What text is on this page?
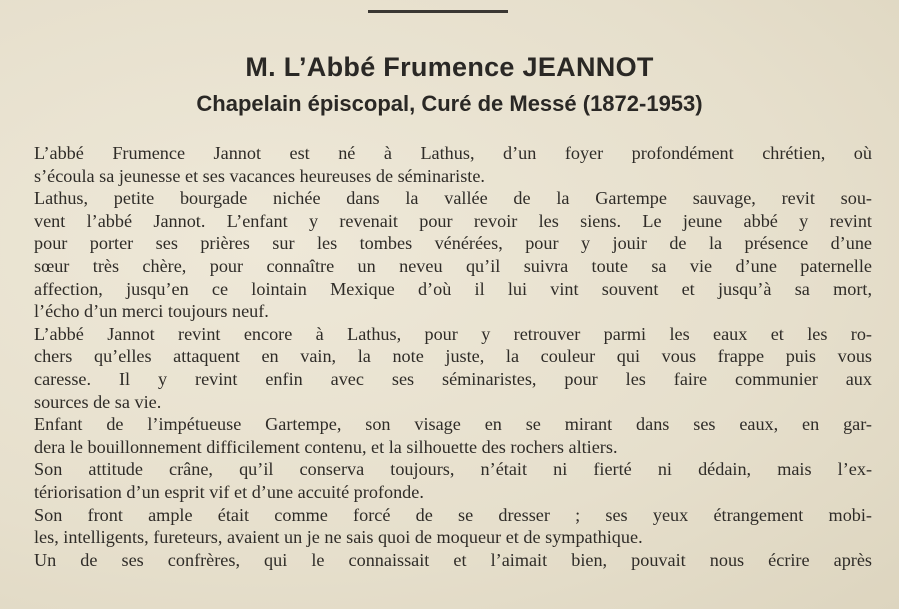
M. L’Abbé Frumence JEANNOT
Chapelain épiscopal, Curé de Messé (1872-1953)
L’abbé Frumence Jannot est né à Lathus, d’un foyer profondément chrétien, où
s’écoula sa jeunesse et ses vacances heureuses de séminariste.
Lathus, petite bourgade nichée dans la vallée de la Gartempe sauvage, revit sou-
vent l’abbé Jannot. L’enfant y revenait pour revoir les siens. Le jeune abbé y revint
pour porter ses prières sur les tombes vénérées, pour y jouir de la présence d’une
sœur très chère, pour connaître un neveu qu’il suivra toute sa vie d’une paternelle
affection, jusqu’en ce lointain Mexique d’où il lui vint souvent et jusqu’à sa mort,
l’écho d’un merci toujours neuf.
L’abbé Jannot revint encore à Lathus, pour y retrouver parmi les eaux et les ro-
chers qu’elles attaquent en vain, la note juste, la couleur qui vous frappe puis vous
caresse. Il y revint enfin avec ses séminaristes, pour les faire communier aux
sources de sa vie.
Enfant de l’impétueuse Gartempe, son visage en se mirant dans ses eaux, en gar-
dera le bouillonnement difficilement contenu, et la silhouette des rochers altiers.
Son attitude crâne, qu’il conserva toujours, n’était ni fierté ni dédain, mais l’ex-
tériorisation d’un esprit vif et d’une accuité profonde.
Son front ample était comme forcé de se dresser ; ses yeux étrangement mobi-
les, intelligents, fureteurs, avaient un je ne sais quoi de moqueur et de sympathique.
Un de ses confrères, qui le connaissait et l’aimait bien, pouvait nous écrire après
